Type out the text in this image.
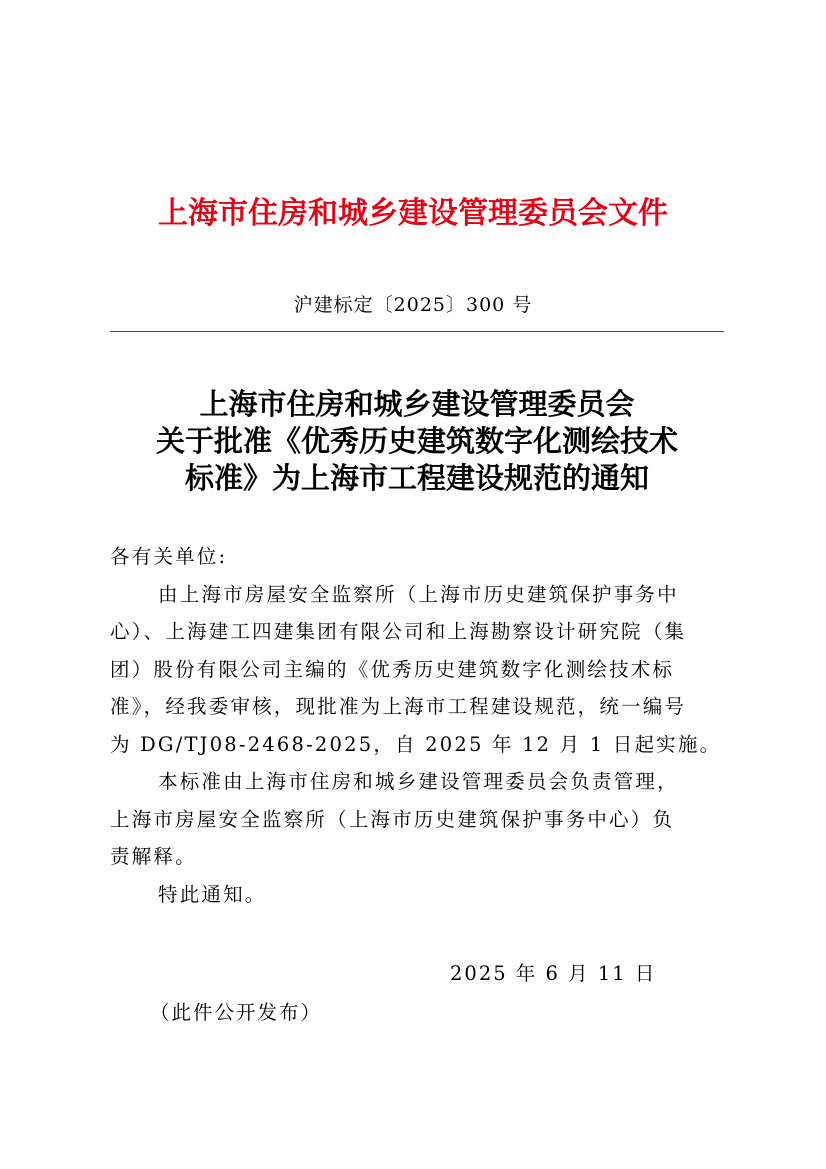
上海市住房和城乡建设管理委员会文件
沪建标定〔2025〕300 号
上海市住房和城乡建设管理委员会
关于批准《优秀历史建筑数字化测绘技术
标准》为上海市工程建设规范的通知
各有关单位:
由上海市房屋安全监察所（上海市历史建筑保护事务中
心）、上海建工四建集团有限公司和上海勘察设计研究院（集
团）股份有限公司主编的《优秀历史建筑数字化测绘技术标
准》，经我委审核，现批准为上海市工程建设规范，统一编号
为 DG/TJ08-2468-2025，自 2025 年 12 月 1 日起实施。
本标准由上海市住房和城乡建设管理委员会负责管理，
上海市房屋安全监察所（上海市历史建筑保护事务中心）负
责解释。
特此通知。
2025 年 6 月 11 日
（此件公开发布）
